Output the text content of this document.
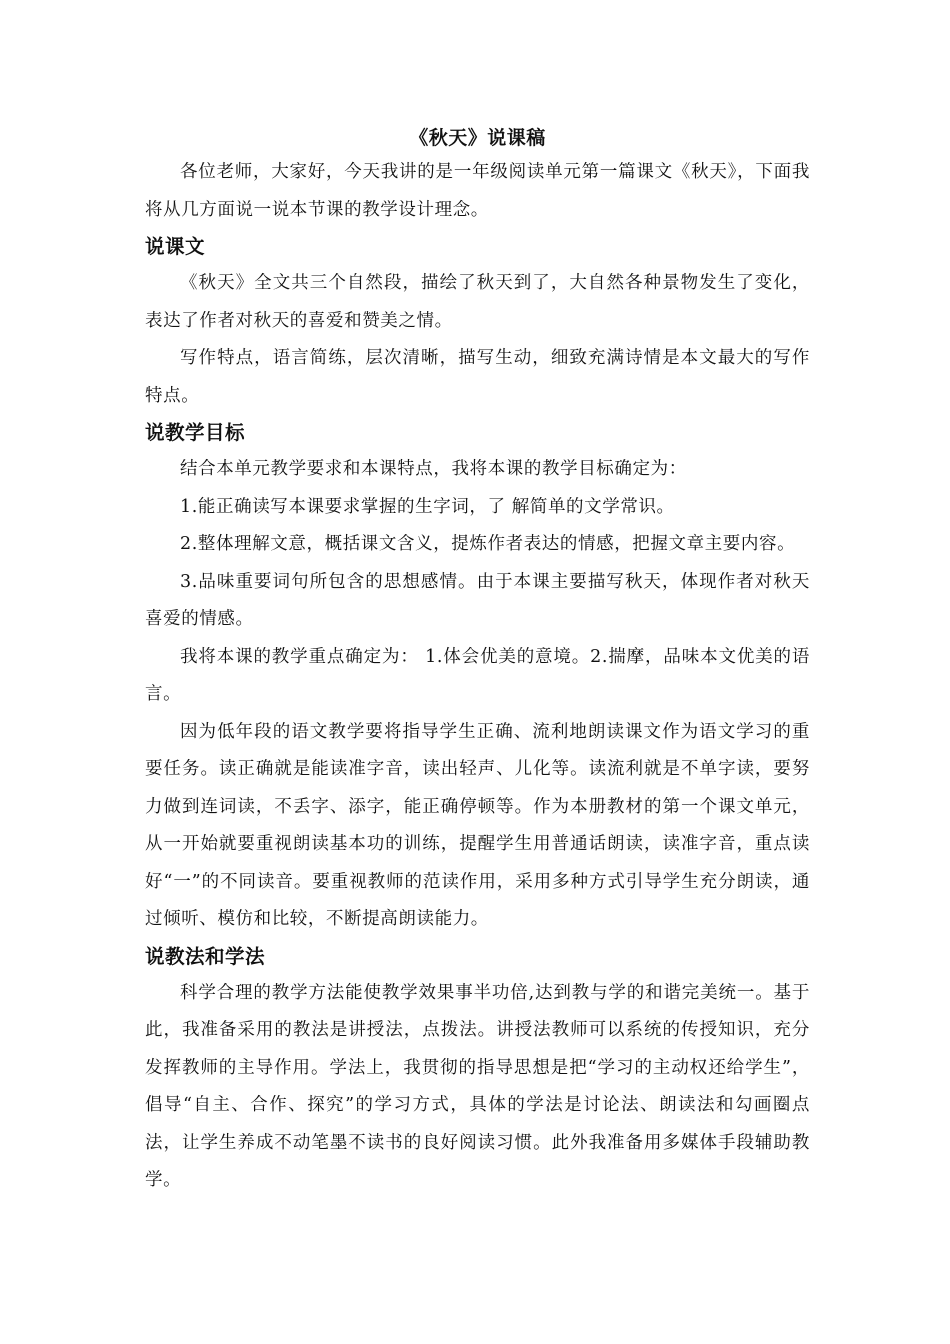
《秋天》说课稿

各位老师，大家好，今天我讲的是一年级阅读单元第一篇课文《秋天》，下面我将从几方面说一说本节课的教学设计理念。

说课文

《秋天》全文共三个自然段，描绘了秋天到了，大自然各种景物发生了变化，表达了作者对秋天的喜爱和赞美之情。

写作特点，语言简练，层次清晰，描写生动，细致充满诗情是本文最大的写作特点。

说教学目标

结合本单元教学要求和本课特点，我将本课的教学目标确定为：

1.能正确读写本课要求掌握的生字词，了 解简单的文学常识。

2.整体理解文意，概括课文含义，提炼作者表达的情感，把握文章主要内容。

3.品味重要词句所包含的思想感情。由于本课主要描写秋天，体现作者对秋天喜爱的情感。

我将本课的教学重点确定为： 1.体会优美的意境。2.揣摩，品味本文优美的语言。

因为低年段的语文教学要将指导学生正确、流利地朗读课文作为语文学习的重要任务。读正确就是能读准字音，读出轻声、儿化等。读流利就是不单字读，要努力做到连词读，不丢字、添字，能正确停顿等。作为本册教材的第一个课文单元，从一开始就要重视朗读基本功的训练，提醒学生用普通话朗读，读准字音，重点读好“一”的不同读音。要重视教师的范读作用，采用多种方式引导学生充分朗读，通过倾听、模仿和比较，不断提高朗读能力。

说教法和学法

科学合理的教学方法能使教学效果事半功倍,达到教与学的和谐完美统一。基于此，我准备采用的教法是讲授法，点拨法。讲授法教师可以系统的传授知识，充分发挥教师的主导作用。学法上，我贯彻的指导思想是把“学习的主动权还给学生”，倡导“自主、合作、探究”的学习方式，具体的学法是讨论法、朗读法和勾画圈点法，让学生养成不动笔墨不读书的良好阅读习惯。此外我准备用多媒体手段辅助教学。
